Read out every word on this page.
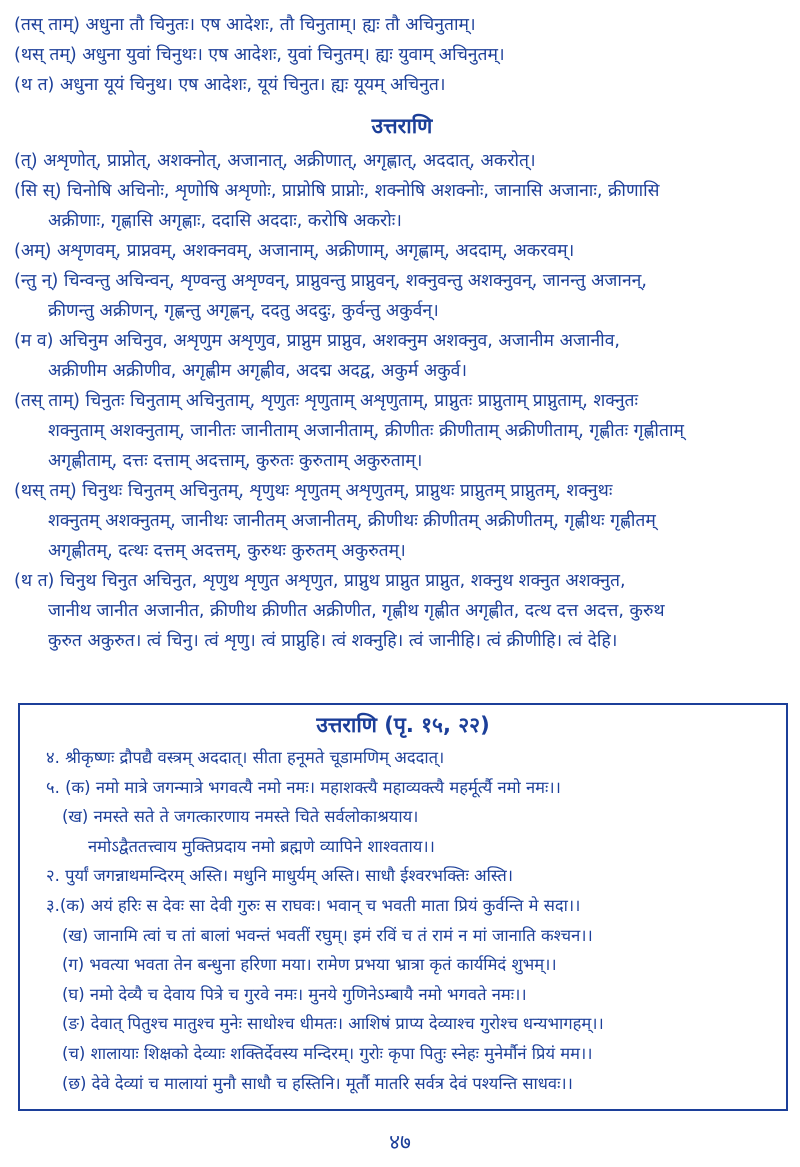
(तस् ताम्) अधुना तौ चिनुतः। एष आदेशः, तौ चिनुताम्। ह्यः तौ अचिनुताम्।
(थस् तम्) अधुना युवां चिनुथः। एष आदेशः, युवां चिनुतम्। ह्यः युवाम् अचिनुतम्।
(थ त) अधुना यूयं चिनुथ। एष आदेशः, यूयं चिनुत। ह्यः यूयम् अचिनुत।
उत्तराणि
(त्) अशृणोत्, प्राप्नोत्, अशक्नोत्, अजानात्, अक्रीणात्, अगृह्णात्, अददात्, अकरोत्।
(सि स्) चिनोषि अचिनोः, शृणोषि अशृणोः, प्राप्नोषि प्राप्नोः, शक्नोषि अशक्नोः, जानासि अजानाः, क्रीणासि
अक्रीणाः, गृह्णासि अगृह्णाः, ददासि अददाः, करोषि अकरोः।
(अम्) अशृणवम्, प्राप्नवम्, अशक्नवम्, अजानाम्, अक्रीणाम्, अगृह्णाम्, अददाम्, अकरवम्।
(न्तु न्) चिन्वन्तु अचिन्वन्, शृण्वन्तु अशृण्वन्, प्राप्नुवन्तु प्राप्नुवन्, शक्नुवन्तु अशक्नुवन्, जानन्तु अजानन्,
क्रीणन्तु अक्रीणन्, गृह्णन्तु अगृह्णन्, ददतु अददुः, कुर्वन्तु अकुर्वन्।
(म व) अचिनुम अचिनुव, अशृणुम अशृणुव, प्राप्नुम प्राप्नुव, अशक्नुम अशक्नुव, अजानीम अजानीव,
अक्रीणीम अक्रीणीव, अगृह्णीम अगृह्णीव, अदद्म अदद्व, अकुर्म अकुर्व।
(तस् ताम्) चिनुतः चिनुताम् अचिनुताम्, शृणुतः शृणुताम् अशृणुताम्, प्राप्नुतः प्राप्नुताम् प्राप्नुताम्, शक्नुतः
शक्नुताम् अशक्नुताम्, जानीतः जानीताम् अजानीताम्, क्रीणीतः क्रीणीताम् अक्रीणीताम्, गृह्णीतः गृह्णीताम्
अगृह्णीताम्, दत्तः दत्ताम् अदत्ताम्, कुरुतः कुरुताम् अकुरुताम्।
(थस् तम्) चिनुथः चिनुतम् अचिनुतम्, शृणुथः शृणुतम् अशृणुतम्, प्राप्नुथः प्राप्नुतम् प्राप्नुतम्, शक्नुथः
शक्नुतम् अशक्नुतम्, जानीथः जानीतम् अजानीतम्, क्रीणीथः क्रीणीतम् अक्रीणीतम्, गृह्णीथः गृह्णीतम्
अगृह्णीतम्, दत्थः दत्तम् अदत्तम्, कुरुथः कुरुतम् अकुरुतम्।
(थ त) चिनुथ चिनुत अचिनुत, शृणुथ शृणुत अशृणुत, प्राप्नुथ प्राप्नुत प्राप्नुत, शक्नुथ शक्नुत अशक्नुत,
जानीथ जानीत अजानीत, क्रीणीथ क्रीणीत अक्रीणीत, गृह्णीथ गृह्णीत अगृह्णीत, दत्थ दत्त अदत्त, कुरुथ
कुरुत अकुरुत। त्वं चिनु। त्वं शृणु। त्वं प्राप्नुहि। त्वं शक्नुहि। त्वं जानीहि। त्वं क्रीणीहि। त्वं देहि।
उत्तराणि (पृ. १५, २२)
४. श्रीकृष्णः द्रौपद्यै वस्त्रम् अददात्। सीता हनूमते चूडामणिम् अददात्।
५. (क) नमो मात्रे जगन्मात्रे भगवत्यै नमो नमः। महाशक्त्यै महाव्यक्त्यै महर्मूर्त्यै नमो नमः।।
(ख) नमस्ते सते ते जगत्कारणाय नमस्ते चिते सर्वलोकाश्रयाय।
नमोऽद्वैततत्त्वाय मुक्तिप्रदाय नमो ब्रह्मणे व्यापिने शाश्वताय।।
२. पुर्यां जगन्नाथमन्दिरम् अस्ति। मधुनि माधुर्यम् अस्ति। साधौ ईश्वरभक्तिः अस्ति।
३.(क) अयं हरिः स देवः सा देवी गुरुः स राघवः। भवान् च भवती माता प्रियं कुर्वन्ति मे सदा।।
(ख) जानामि त्वां च तां बालां भवन्तं भवतीं रघुम्। इमं रविं च तं रामं न मां जानाति कश्चन।।
(ग) भवत्या भवता तेन बन्धुना हरिणा मया। रामेण प्रभया भ्रात्रा कृतं कार्यमिदं शुभम्।।
(घ) नमो देव्यै च देवाय पित्रे च गुरवे नमः। मुनये गुणिनेऽम्बायै नमो भगवते नमः।।
(ङ) देवात् पितुश्च मातुश्च मुनेः साधोश्च धीमतः। आशिषं प्राप्य देव्याश्च गुरोश्च धन्यभागहम्।।
(च) शालायाः शिक्षको देव्याः शक्तिर्देवस्य मन्दिरम्। गुरोः कृपा पितुः स्नेहः मुनेर्मौनं प्रियं मम।।
(छ) देवे देव्यां च मालायां मुनौ साधौ च हस्तिनि। मूर्तौ मातरि सर्वत्र देवं पश्यन्ति साधवः।।
४७
